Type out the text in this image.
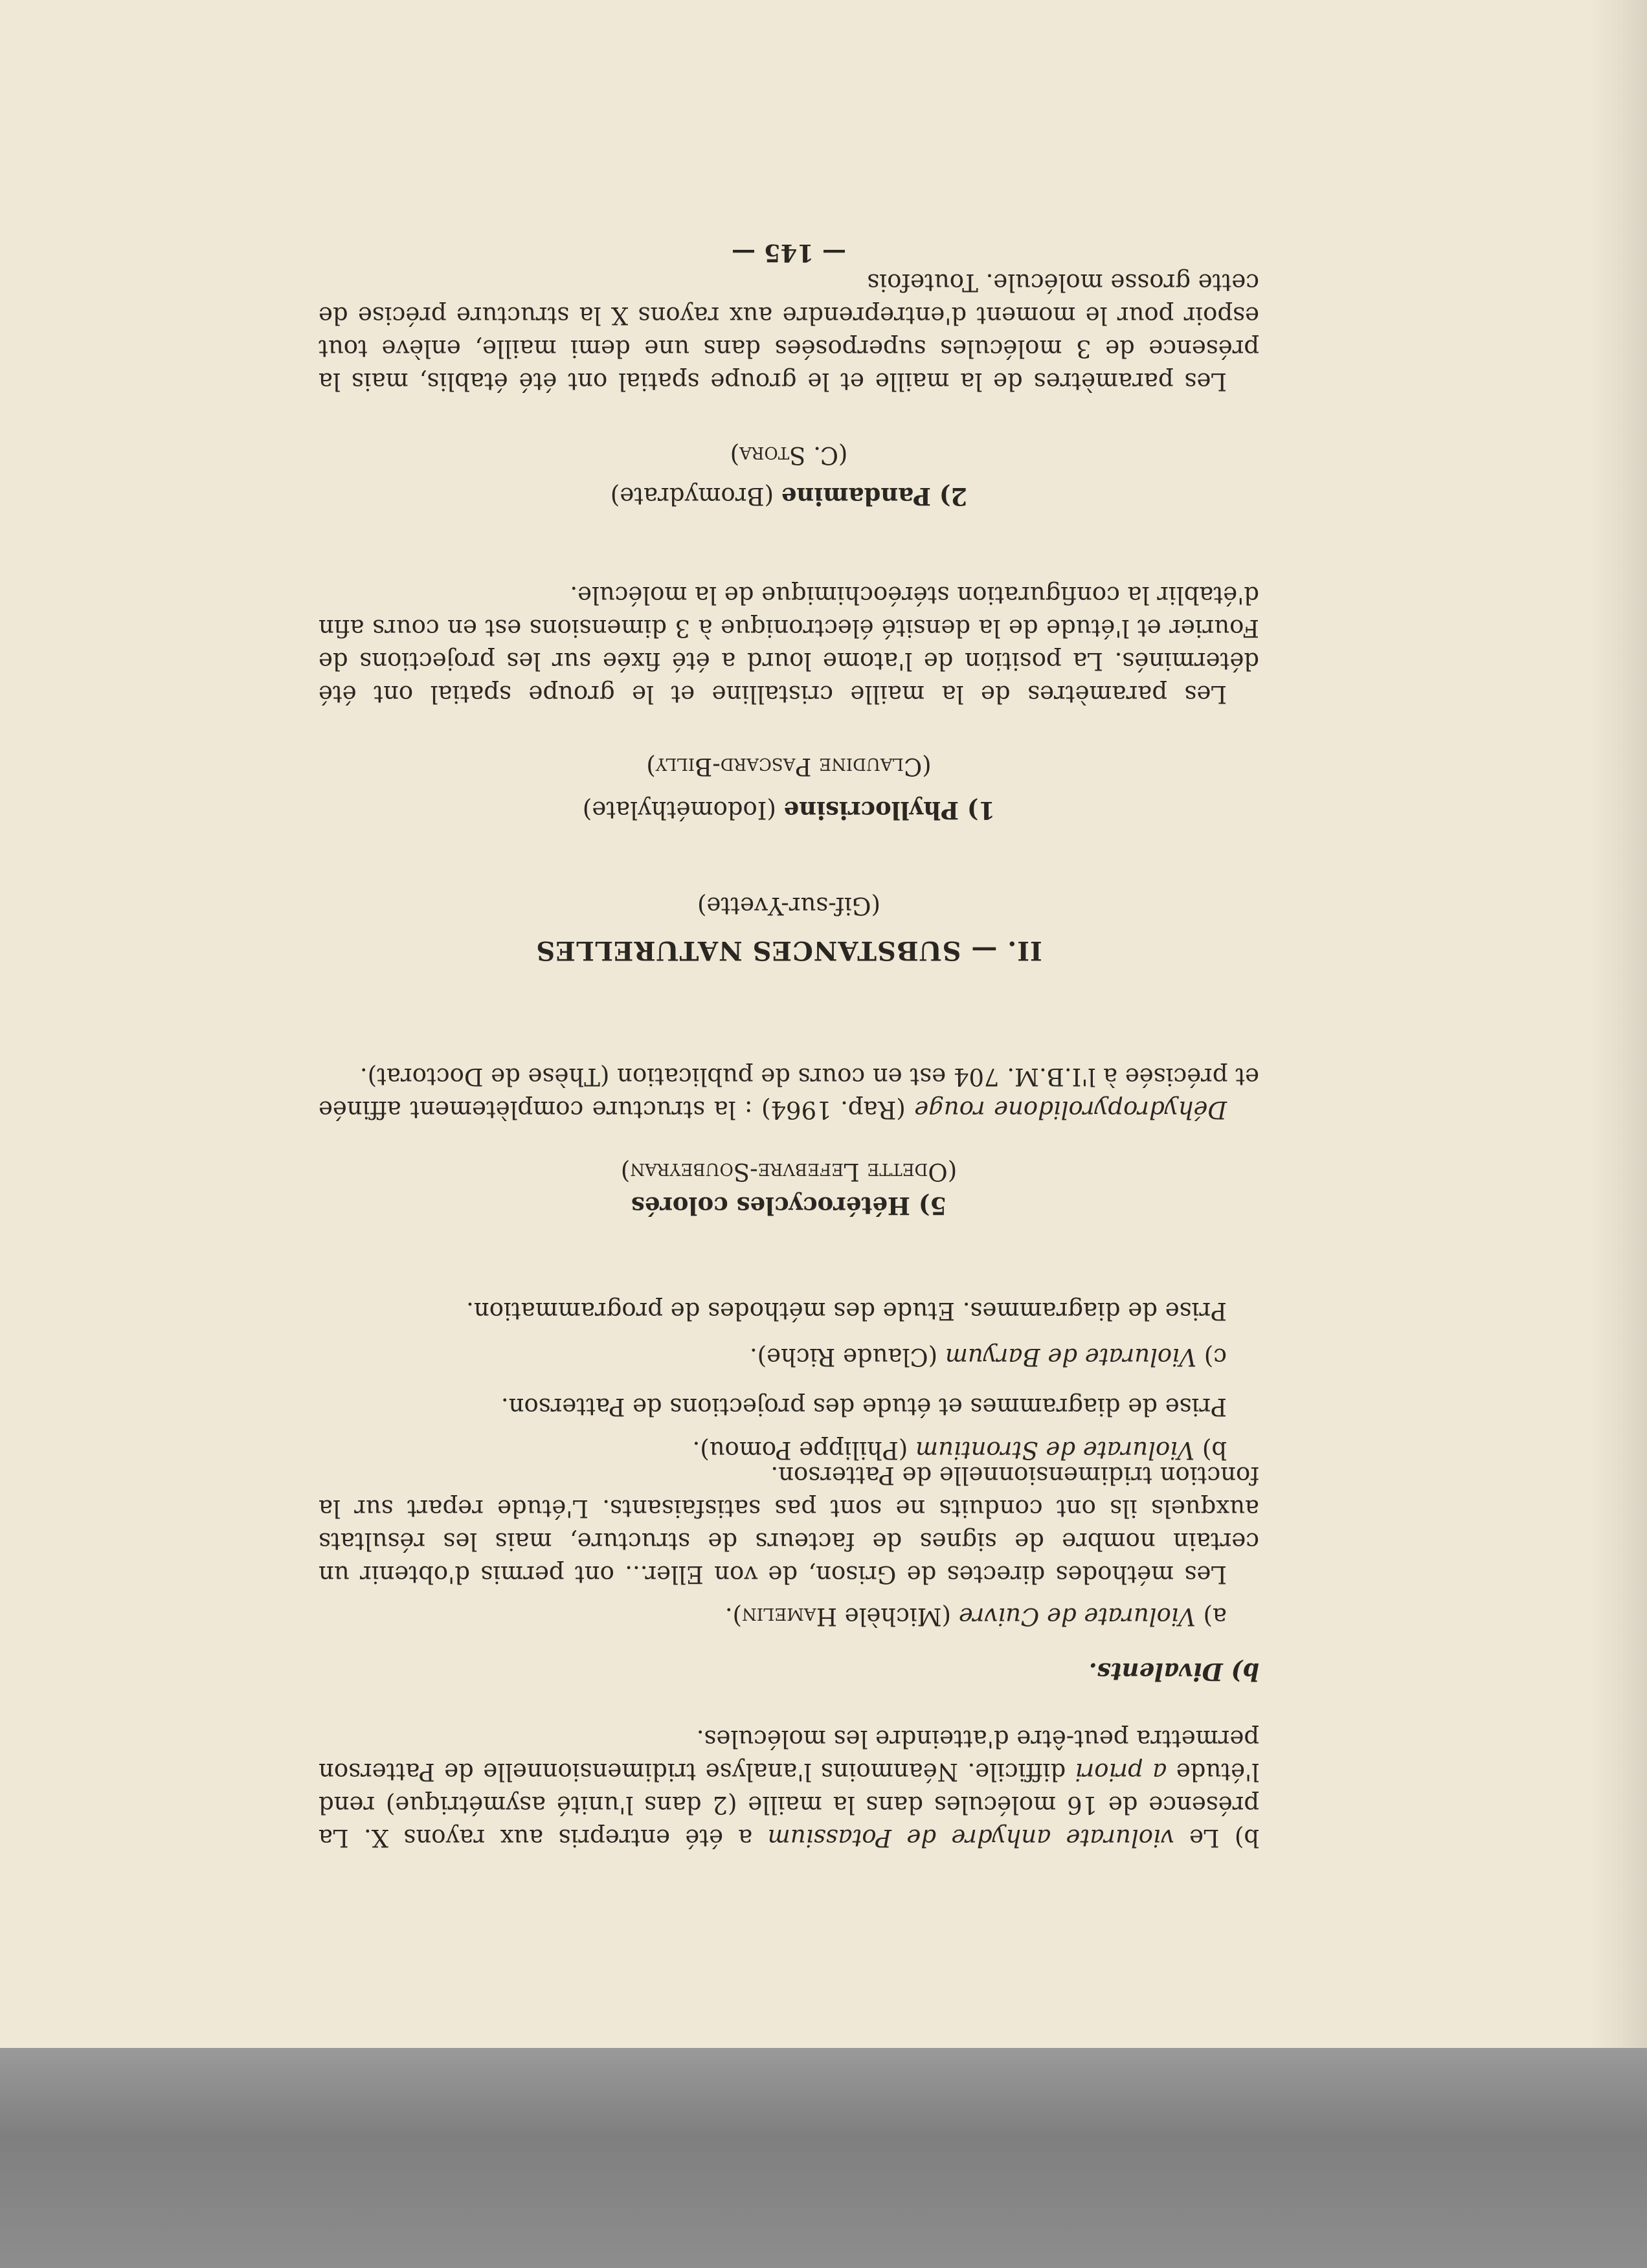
b) Le violurate anhydre de Potassium a été entrepris aux rayons X. La présence de 16 molécules dans la maille (2 dans l'unité asymétrique) rend l'étude a priori difficile. Néanmoins l'analyse tridimensionnelle de Patterson permettra peut-être d'atteindre les molécules.
b) Divalents.
a) Violurate de Cuivre (Michèle Hamelin).
Les méthodes directes de Grison, de von Eller... ont permis d'obtenir un certain nombre de signes de facteurs de structure, mais les résultats auxquels ils ont conduits ne sont pas satisfaisants. L'étude repart sur la fonction tridimensionnelle de Patterson.
b) Violurate de Strontium (Philippe Pomou).
Prise de diagrammes et étude des projections de Patterson.
c) Violurate de Baryum (Claude Riche).
Prise de diagrammes. Etude des méthodes de programmation.
5) Hétérocycles colorés
(Odette Lefebvre-Soubeyran)
Déhydropyrolidone rouge (Rap. 1964) : la structure complètement affinée et précisée à l'I.B.M. 704 est en cours de publication (Thèse de Doctorat).
II. — SUBSTANCES NATURELLES
(Gif-sur-Yvette)
1) Phyllocrisine (Iodométhylate)
(Claudine Pascard-Billy)
Les paramètres de la maille cristalline et le groupe spatial ont été déterminés. La position de l'atome lourd a été fixée sur les projections de Fourier et l'étude de la densité électronique à 3 dimensions est en cours afin d'établir la configuration stéréochimique de la molécule.
2) Pandamine (Bromydrate)
(C. Stora)
Les paramètres de la maille et le groupe spatial ont été établis, mais la présence de 3 molécules superposées dans une demi maille, enlève tout espoir pour le moment d'entreprendre aux rayons X la structure précise de cette grosse molécule. Toutefois
— 145 —
